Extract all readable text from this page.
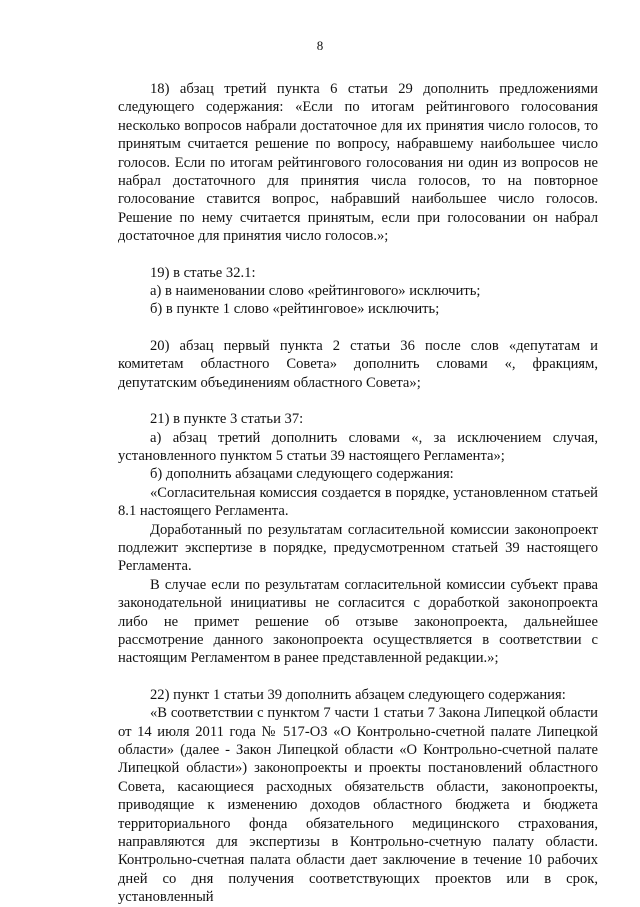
8

18) абзац третий пункта 6 статьи 29 дополнить предложениями следующего содержания: «Если по итогам рейтингового голосования несколько вопросов набрали достаточное для их принятия число голосов, то принятым считается решение по вопросу, набравшему наибольшее число голосов. Если по итогам рейтингового голосования ни один из вопросов не набрал достаточного для принятия числа голосов, то на повторное голосование ставится вопрос, набравший наибольшее число голосов. Решение по нему считается принятым, если при голосовании он набрал достаточное для принятия число голосов.»;

19) в статье 32.1:

а) в наименовании слово «рейтингового» исключить;

б) в пункте 1 слово «рейтинговое» исключить;

20) абзац первый пункта 2 статьи 36 после слов «депутатам и комитетам областного Совета» дополнить словами «, фракциям, депутатским объединениям областного Совета»;

21) в пункте 3 статьи 37:

а) абзац третий дополнить словами «, за исключением случая, установленного пунктом 5 статьи 39 настоящего Регламента»;

б) дополнить абзацами следующего содержания:

«Согласительная комиссия создается в порядке, установленном статьей 8.1 настоящего Регламента.

Доработанный по результатам согласительной комиссии законопроект подлежит экспертизе в порядке, предусмотренном статьей 39 настоящего Регламента.

В случае если по результатам согласительной комиссии субъект права законодательной инициативы не согласится с доработкой законопроекта либо не примет решение об отзыве законопроекта, дальнейшее рассмотрение данного законопроекта осуществляется в соответствии с настоящим Регламентом в ранее представленной редакции.»;

22) пункт 1 статьи 39 дополнить абзацем следующего содержания:

«В соответствии с пунктом 7 части 1 статьи 7 Закона Липецкой области от 14 июля 2011 года № 517-ОЗ «О Контрольно-счетной палате Липецкой области» (далее - Закон Липецкой области «О Контрольно-счетной палате Липецкой области») законопроекты и проекты постановлений областного Совета, касающиеся расходных обязательств области, законопроекты, приводящие к изменению доходов областного бюджета и бюджета территориального фонда обязательного медицинского страхования, направляются для экспертизы в Контрольно-счетную палату области. Контрольно-счетная палата области дает заключение в течение 10 рабочих дней со дня получения соответствующих проектов или в срок, установленный
